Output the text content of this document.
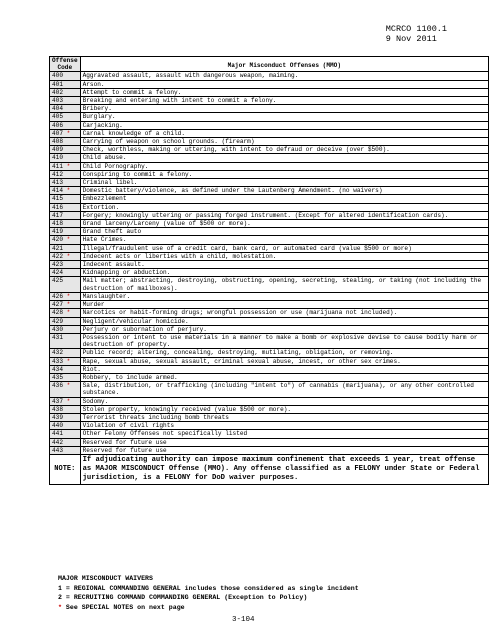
MCRCO 1100.1
9 Nov 2011
Offense
Code	Major Misconduct Offenses (MMO)
400	Aggravated assault, assault with dangerous weapon, maiming.
401	Arson.
402	Attempt to commit a felony.
403	Breaking and entering with intent to commit a felony.
404	Bribery.
405	Burglary.
406	Carjacking.
407 *	Carnal knowledge of a child.
408	Carrying of weapon on school grounds. (firearm)
409	Check, worthless, making or uttering, with intent to defraud or deceive (over $500).
410	Child abuse.
411 *	Child Pornography.
412	Conspiring to commit a felony.
413	Criminal libel.
414 *	Domestic battery/violence, as defined under the Lautenberg Amendment. (no waivers)
415	Embezzlement
416	Extortion.
417	Forgery; knowingly uttering or passing forged instrument. (Except for altered identification cards).
418	Grand larceny/Larceny (value of $500 or more).
419	Grand theft auto
420 *	Hate Crimes.
421	Illegal/fraudulent use of a credit card, bank card, or automated card (value $500 or more)
422 *	Indecent acts or liberties with a child, molestation.
423	Indecent assault.
424	Kidnapping or abduction.
425	Mail matter; abstracting, destroying, obstructing, opening, secreting, stealing, or taking (not including the destruction of mailboxes).
426 *	Manslaughter.
427 *	Murder
428 *	Narcotics or habit-forming drugs; wrongful possession or use (marijuana not included).
429	Negligent/vehicular homicide.
430	Perjury or subornation of perjury.
431	Possession or intent to use materials in a manner to make a bomb or explosive devise to cause bodily harm or destruction of property.
432	Public record; altering, concealing, destroying, mutilating, obligation, or removing.
433 *	Rape, sexual abuse, sexual assault, criminal sexual abuse, incest, or other sex crimes.
434	Riot.
435	Robbery, to include armed.
436 *	Sale, distribution, or trafficking (including "intent to") of cannabis (marijuana), or any other controlled substance.
437 *	Sodomy.
438	Stolen property, knowingly received (value $500 or more).
439	Terrorist threats including bomb threats
440	Violation of civil rights
441	Other Felony Offenses not specifically listed
442	Reserved for future use
443	Reserved for future use
NOTE:	If adjudicating authority can impose maximum confinement that exceeds 1 year, treat offense as MAJOR MISCONDUCT Offense (MMO). Any offense classified as a FELONY under State or Federal jurisdiction, is a FELONY for DoD waiver purposes.
MAJOR MISCONDUCT WAIVERS
1 = REGIONAL COMMANDING GENERAL includes those considered as single incident
2 = RECRUITING COMMAND COMMANDING GENERAL (Exception to Policy)
* See SPECIAL NOTES on next page
3-104
